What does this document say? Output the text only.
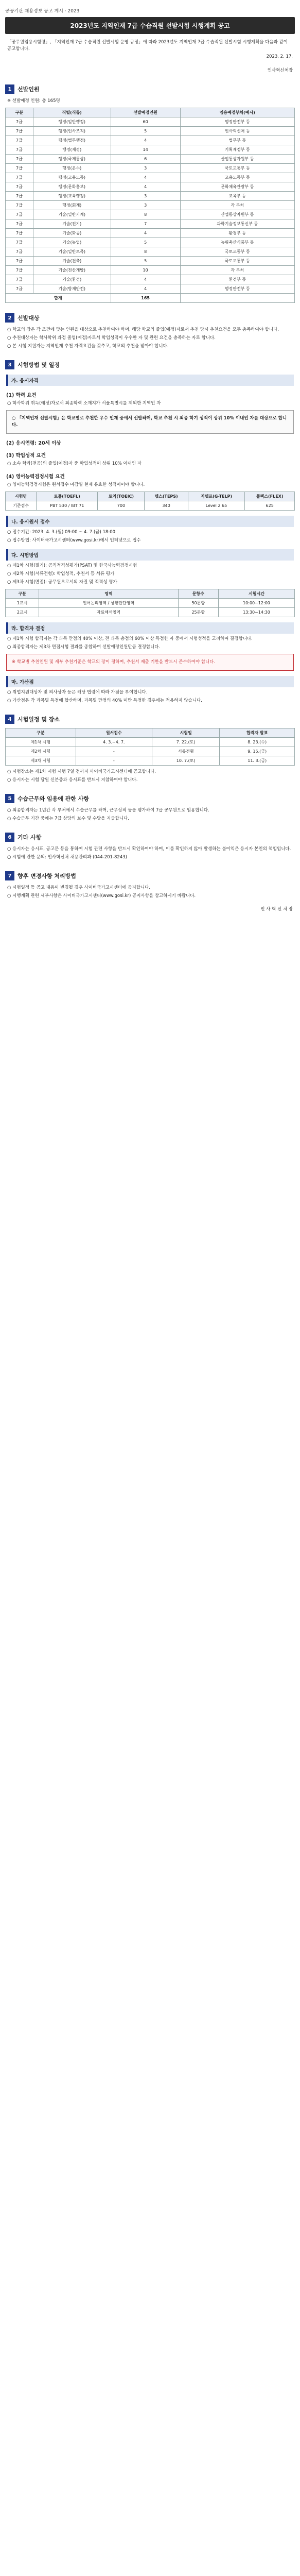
공공기관 채용정보 공고 게시 · 2023
2023년도 지역인재 7급 수습직원 선발시험 시행계획 공고

「공무원임용시험령」, 「지역인재 7급 수습직원 선발시험 운영 규정」에 따라 2023년도 지역인재 7급 수습직원 선발시험 시행계획을 다음과 같이 공고합니다.

2023. 2. 17.
인사혁신처장
1	선발인원

※ 선발예정 인원: 총 165명

구분	직렬(직류)	선발예정인원	임용예정부처(예시)
7급	행정(일반행정)	60	행정안전부 등
7급	행정(인사조직)	5	인사혁신처 등
7급	행정(법무행정)	4	법무부 등
7급	행정(재경)	14	기획재정부 등
7급	행정(국제통상)	6	산업통상자원부 등
7급	행정(운수)	3	국토교통부 등
7급	행정(고용노동)	4	고용노동부 등
7급	행정(문화홍보)	4	문화체육관광부 등
7급	행정(교육행정)	3	교육부 등
7급	행정(회계)	3	각 부처
7급	기술(일반기계)	8	산업통상자원부 등
7급	기술(전기)	7	과학기술정보통신부 등
7급	기술(화공)	4	환경부 등
7급	기술(농업)	5	농림축산식품부 등
7급	기술(일반토목)	8	국토교통부 등
7급	기술(건축)	5	국토교통부 등
7급	기술(전산개발)	10	각 부처
7급	기술(환경)	4	환경부 등
7급	기술(방재안전)	4	행정안전부 등
합계		165	
2	선발대상

○ 학교의 장은 각 조건에 맞는 인원을 대상으로 추천하여야 하며, 해당 학교의 졸업(예정)자로서 추천 당시 추천요건을 모두 충족하여야 합니다.

○ 추천대상자는 학사학위 과정 졸업(예정)자로서 학업성적이 우수한 자 및 관련 요건을 충족하는 자로 합니다.

○ 본 시험 지원자는 지역인재 추천 자격요건을 갖추고, 학교의 추천을 받아야 합니다.

3	시험방법 및 일정
가. 응시자격
(1) 학력 요건

○ 학사학위 취득(예정)자로서 최종학력 소재지가 서울특별시를 제외한 지역인 자

○ 「지역인재 선발시험」은 학교별로 추천한 우수 인재 중에서 선발하며, 학교 추천 시 최종 학기 성적이 상위 10% 이내인 자를 대상으로 합니다.

(2) 응시연령: 20세 이상
(3) 학업성적 요건

○ 소속 학과(전공)의 졸업(예정)자 중 학업성적이 상위 10% 이내인 자

(4) 영어능력검정시험 요건

○ 영어능력검정시험은 원서접수 마감일 현재 유효한 성적이어야 합니다.

시험명	토플(TOEFL)	토익(TOEIC)	텝스(TEPS)	지텔프(G-TELP)	플렉스(FLEX)
기준점수	PBT 530 / IBT 71	700	340	Level 2 65	625
나. 응시원서 접수

○ 접수기간: 2023. 4. 3.(월) 09:00 ~ 4. 7.(금) 18:00

○ 접수방법: 사이버국가고시센터(www.gosi.kr)에서 인터넷으로 접수

다. 시험방법

○ 제1차 시험(필기): 공직적격성평가(PSAT) 및 한국사능력검정시험

○ 제2차 시험(서류전형): 학업성적, 추천서 등 서류 평가

○ 제3차 시험(면접): 공무원으로서의 자질 및 적격성 평가

구분	영역	문항수	시험시간
1교시	언어논리영역 / 상황판단영역	50문항	10:00~12:00
2교시	자료해석영역	25문항	13:30~14:30
라. 합격자 결정

○ 제1차 시험 합격자는 각 과목 만점의 40% 이상, 전 과목 총점의 60% 이상 득점한 자 중에서 시험성적을 고려하여 결정합니다.

○ 최종합격자는 제3차 면접시험 결과를 종합하여 선발예정인원만큼 결정합니다.

※ 학교별 추천인원 및 세부 추천기준은 학교의 장이 정하며, 추천서 제출 기한을 반드시 준수하여야 합니다.

마. 가산점

○ 취업지원대상자 및 의사상자 등은 해당 법령에 따라 가점을 부여합니다.

○ 가산점은 각 과목별 득점에 합산하며, 과목별 만점의 40% 미만 득점한 경우에는 적용하지 않습니다.

4	시험일정 및 장소
구분	원서접수	시험일	합격자 발표
제1차 시험	4. 3.~4. 7.	7. 22.(토)	8. 23.(수)
제2차 시험	-	서류전형	9. 15.(금)
제3차 시험	-	10. 7.(토)	11. 3.(금)

○ 시험장소는 제1차 시험 시행 7일 전까지 사이버국가고시센터에 공고합니다.

○ 응시자는 시험 당일 신분증과 응시표를 반드시 지참하여야 합니다.

5	수습근무와 임용에 관한 사항

○ 최종합격자는 1년간 각 부처에서 수습근무를 하며, 근무성적 등을 평가하여 7급 공무원으로 임용합니다.

○ 수습근무 기간 중에는 7급 상당의 보수 및 수당을 지급합니다.

6	기타 사항

○ 응시자는 응시표, 공고문 등을 통하여 시험 관련 사항을 반드시 확인하여야 하며, 이를 확인하지 않아 발생하는 불이익은 응시자 본인의 책임입니다.

○ 시험에 관한 문의: 인사혁신처 채용관리과 (044-201-8243)

7	향후 변경사항 처리방법

○ 시험일정 등 공고 내용이 변경될 경우 사이버국가고시센터에 공지합니다.

○ 시행계획 관련 세부사항은 사이버국가고시센터(www.gosi.kr) 공지사항을 참고하시기 바랍니다.

인 사 혁 신 처 장
